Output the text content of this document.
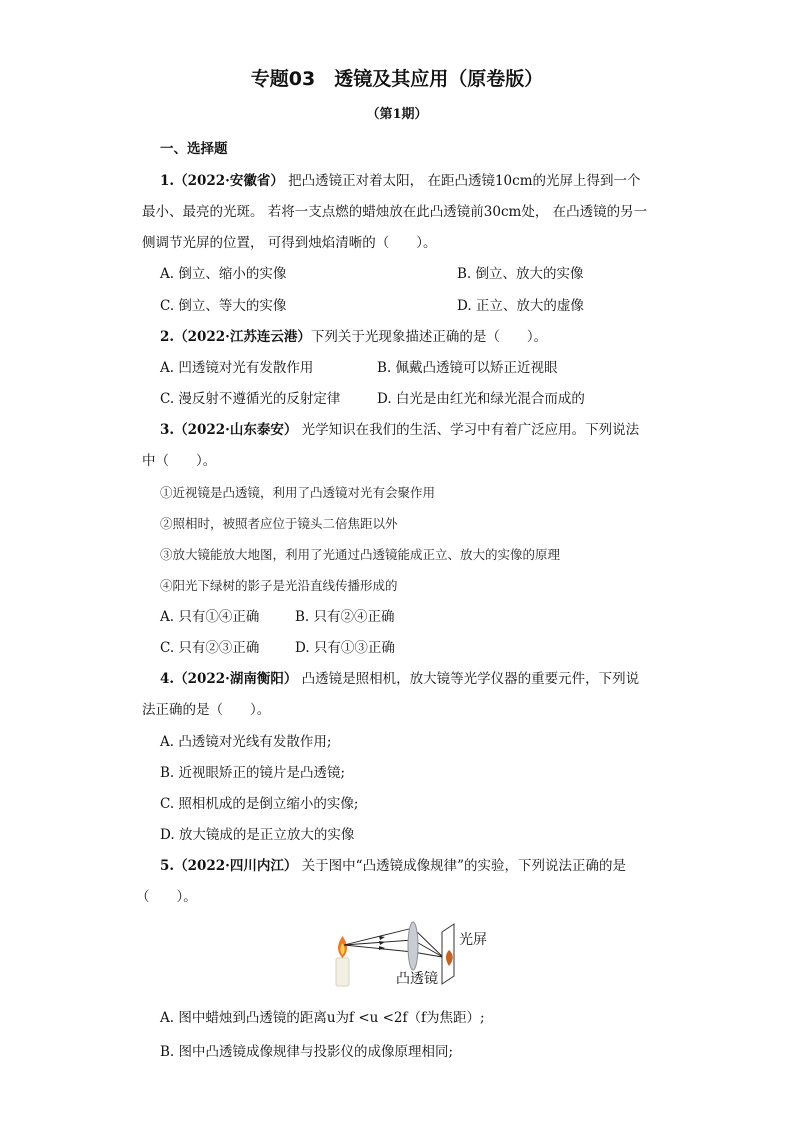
专题03　透镜及其应用（原卷版）
（第1期）
一、选择题
1.（2022·安徽省） 把凸透镜正对着太阳， 在距凸透镜10cm的光屏上得到一个
最小、最亮的光斑。 若将一支点燃的蜡烛放在此凸透镜前30cm处， 在凸透镜的另一
侧调节光屏的位置， 可得到烛焰清晰的（　　）。
A. 倒立、缩小的实像	B. 倒立、放大的实像
C. 倒立、等大的实像	D. 正立、放大的虚像
2.（2022·江苏连云港）下列关于光现象描述正确的是（　　）。
A. 凹透镜对光有发散作用	B. 佩戴凸透镜可以矫正近视眼
C. 漫反射不遵循光的反射定律	D. 白光是由红光和绿光混合而成的
3.（2022·山东泰安） 光学知识在我们的生活、学习中有着广泛应用。下列说法
中（　　）。
①近视镜是凸透镜，利用了凸透镜对光有会聚作用
②照相时，被照者应位于镜头二倍焦距以外
③放大镜能放大地图，利用了光通过凸透镜能成正立、放大的实像的原理
④阳光下绿树的影子是光沿直线传播形成的
A. 只有①④正确	B. 只有②④正确
C. 只有②③正确	D. 只有①③正确
4.（2022·湖南衡阳） 凸透镜是照相机，放大镜等光学仪器的重要元件，下列说
法正确的是（　　）。
A. 凸透镜对光线有发散作用;
B. 近视眼矫正的镜片是凸透镜;
C. 照相机成的是倒立缩小的实像;
D. 放大镜成的是正立放大的实像
5.（2022·四川内江） 关于图中“凸透镜成像规律”的实验，下列说法正确的是
（　　）。
光屏
凸透镜
A. 图中蜡烛到凸透镜的距离u为f <u <2f（f为焦距）;
B. 图中凸透镜成像规律与投影仪的成像原理相同;
